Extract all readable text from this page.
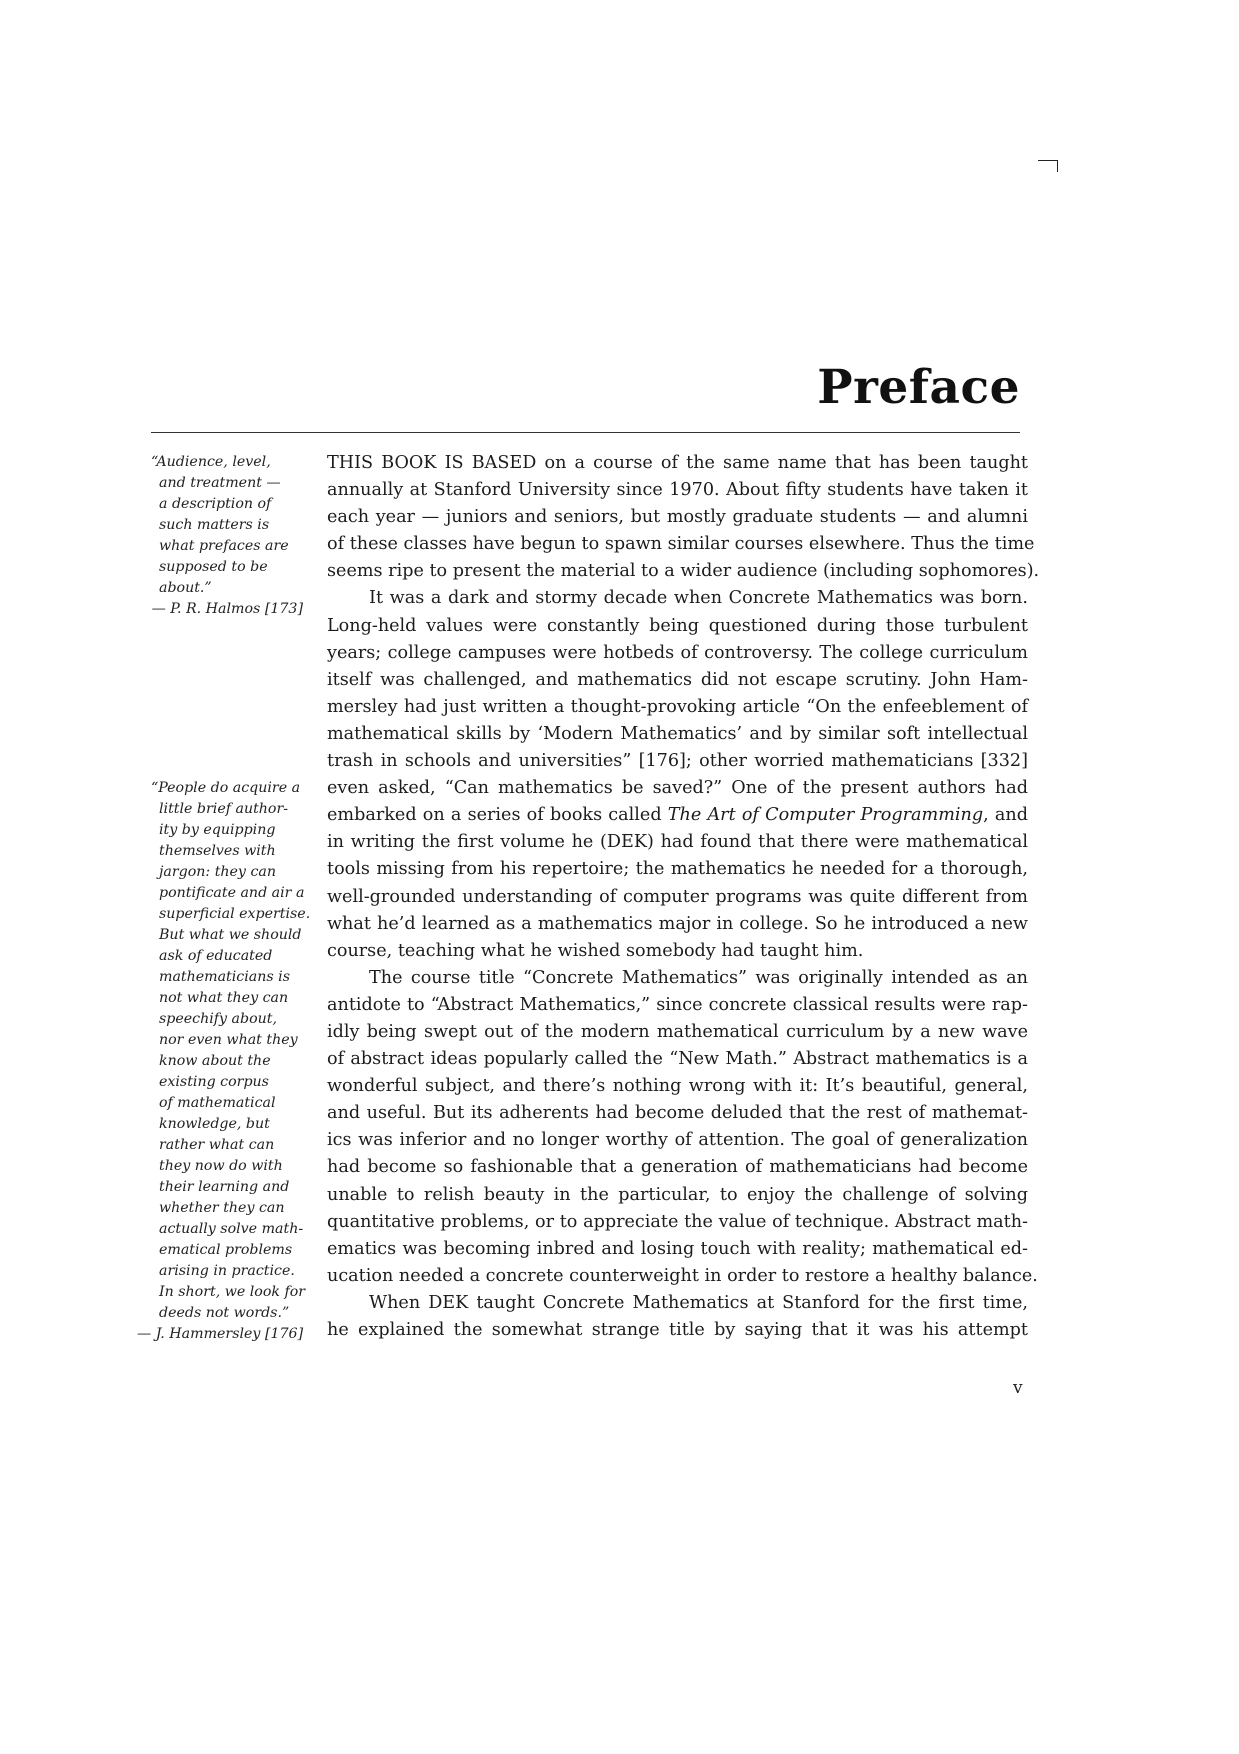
Preface
“Audience, level,
and treatment —
a description of
such matters is
what prefaces are
supposed to be
about.”
— P. R. Halmos [173]
“People do acquire a
little brief author-
ity by equipping
themselves with
jargon: they can
pontificate and air a
superficial expertise.
But what we should
ask of educated
mathematicians is
not what they can
speechify about,
nor even what they
know about the
existing corpus
of mathematical
knowledge, but
rather what can
they now do with
their learning and
whether they can
actually solve math-
ematical problems
arising in practice.
In short, we look for
deeds not words.”
— J. Hammersley [176]
THIS BOOK IS BASED on a course of the same name that has been taught
annually at Stanford University since 1970. About fifty students have taken it
each year — juniors and seniors, but mostly graduate students — and alumni
of these classes have begun to spawn similar courses elsewhere. Thus the time
seems ripe to present the material to a wider audience (including sophomores).
It was a dark and stormy decade when Concrete Mathematics was born.
Long-held values were constantly being questioned during those turbulent
years; college campuses were hotbeds of controversy. The college curriculum
itself was challenged, and mathematics did not escape scrutiny. John Ham-
mersley had just written a thought-provoking article “On the enfeeblement of
mathematical skills by ‘Modern Mathematics’ and by similar soft intellectual
trash in schools and universities” [176]; other worried mathematicians [332]
even asked, “Can mathematics be saved?” One of the present authors had
embarked on a series of books called The Art of Computer Programming, and
in writing the first volume he (DEK) had found that there were mathematical
tools missing from his repertoire; the mathematics he needed for a thorough,
well-grounded understanding of computer programs was quite different from
what he’d learned as a mathematics major in college. So he introduced a new
course, teaching what he wished somebody had taught him.
The course title “Concrete Mathematics” was originally intended as an
antidote to “Abstract Mathematics,” since concrete classical results were rap-
idly being swept out of the modern mathematical curriculum by a new wave
of abstract ideas popularly called the “New Math.” Abstract mathematics is a
wonderful subject, and there’s nothing wrong with it: It’s beautiful, general,
and useful. But its adherents had become deluded that the rest of mathemat-
ics was inferior and no longer worthy of attention. The goal of generalization
had become so fashionable that a generation of mathematicians had become
unable to relish beauty in the particular, to enjoy the challenge of solving
quantitative problems, or to appreciate the value of technique. Abstract math-
ematics was becoming inbred and losing touch with reality; mathematical ed-
ucation needed a concrete counterweight in order to restore a healthy balance.
When DEK taught Concrete Mathematics at Stanford for the first time,
he explained the somewhat strange title by saying that it was his attempt
v
